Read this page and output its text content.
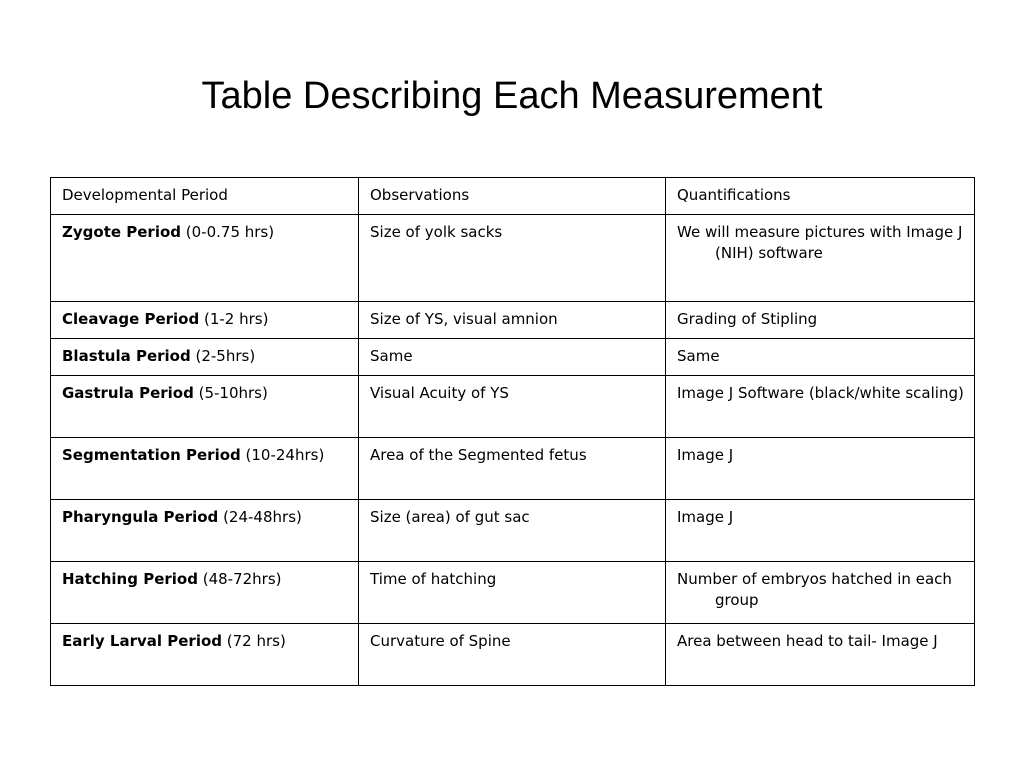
Table Describing Each Measurement
Developmental Period	Observations	Quantifications

Zygote Period (0-0.75 hrs)	Size of yolk sacks	We will measure pictures with Image J (NIH) software

Cleavage Period (1-2 hrs)	Size of YS, visual amnion	Grading of Stipling

Blastula Period (2-5hrs)	Same	Same

Gastrula Period (5-10hrs)	Visual Acuity of YS	Image J Software (black/white scaling)

Segmentation Period (10-24hrs)	Area of the Segmented fetus	Image J

Pharyngula Period (24-48hrs)	Size (area) of gut sac	Image J

Hatching Period (48-72hrs)	Time of hatching	Number of embryos hatched in each group

Early Larval Period (72 hrs)	Curvature of Spine	Area between head to tail- Image J
